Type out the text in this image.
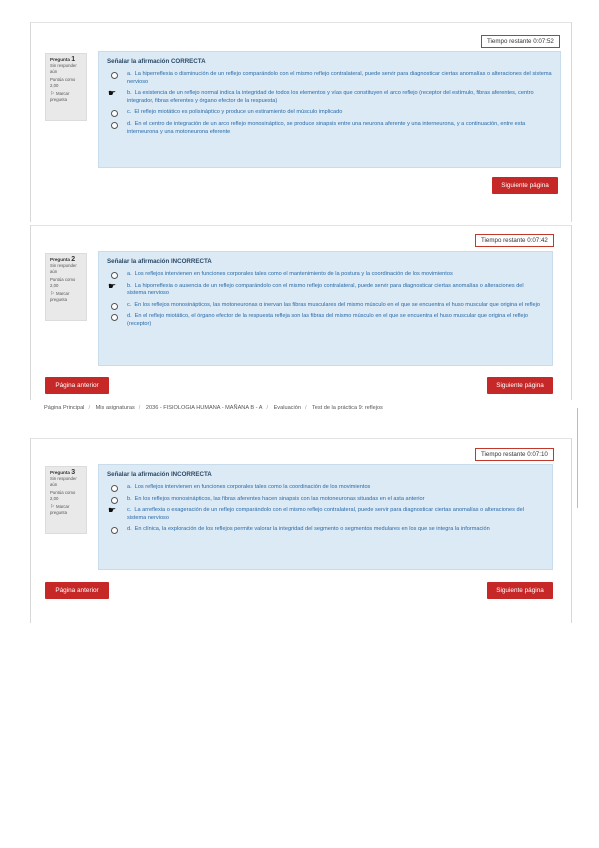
Tiempo restante 0:07:52
Pregunta 1
Sin responder aún
Puntúa como 2,00
⚐ Marcar pregunta
Señalar la afirmación CORRECTA
a. La hiperreflexia o disminución de un reflejo comparándolo con el mismo reflejo contralateral, puede servir para diagnosticar ciertas anomalías o alteraciones del sistema nervioso
☛ b. La existencia de un reflejo normal indica la integridad de todos los elementos y vías que constituyen el arco reflejo (receptor del estímulo, fibras aferentes, centro integrador, fibras eferentes y órgano efector de la respuesta)
c. El reflejo miotático es polisináptico y produce un estiramiento del músculo implicado
d. En el centro de integración de un arco reflejo monosináptico, se produce sinapsis entre una neurona aferente y una interneurona, y a continuación, entre esta interneurona y una motoneurona eferente
Siguiente página
Tiempo restante 0:07:42
Pregunta 2
Sin responder aún
Puntúa como 2,00
⚐ Marcar pregunta
Señalar la afirmación INCORRECTA
a. Los reflejos intervienen en funciones corporales tales como el mantenimiento de la postura y la coordinación de los movimientos
☛ b. La hiporreflexia o ausencia de un reflejo comparándolo con el mismo reflejo contralateral, puede servir para diagnosticar ciertas anomalías o alteraciones del sistema nervioso
c. En los reflejos monosinápticos, las motoneuronas α inervan las fibras musculares del mismo músculo en el que se encuentra el huso muscular que origina el reflejo
d. En el reflejo miotático, el órgano efector de la respuesta refleja son las fibras del mismo músculo en el que se encuentra el huso muscular que origina el reflejo (receptor)
Página anterior	Siguiente página
Página Principal / Mis asignaturas / 2036 - FISIOLOGIA HUMANA - MAÑANA B - A / Evaluación / Test de la práctica 9: reflejos
Tiempo restante 0:07:10
Pregunta 3
Sin responder aún
Puntúa como 2,00
⚐ Marcar pregunta
Señalar la afirmación INCORRECTA
a. Los reflejos intervienen en funciones corporales tales como la coordinación de los movimientos
b. En los reflejos monosinápticos, las fibras aferentes hacen sinapsis con las motoneuronas situadas en el asta anterior
☛ c. La arreflexia o exageración de un reflejo comparándolo con el mismo reflejo contralateral, puede servir para diagnosticar ciertas anomalías o alteraciones del sistema nervioso
d. En clínica, la exploración de los reflejos permite valorar la integridad del segmento o segmentos medulares en los que se integra la información
Página anterior	Siguiente página
